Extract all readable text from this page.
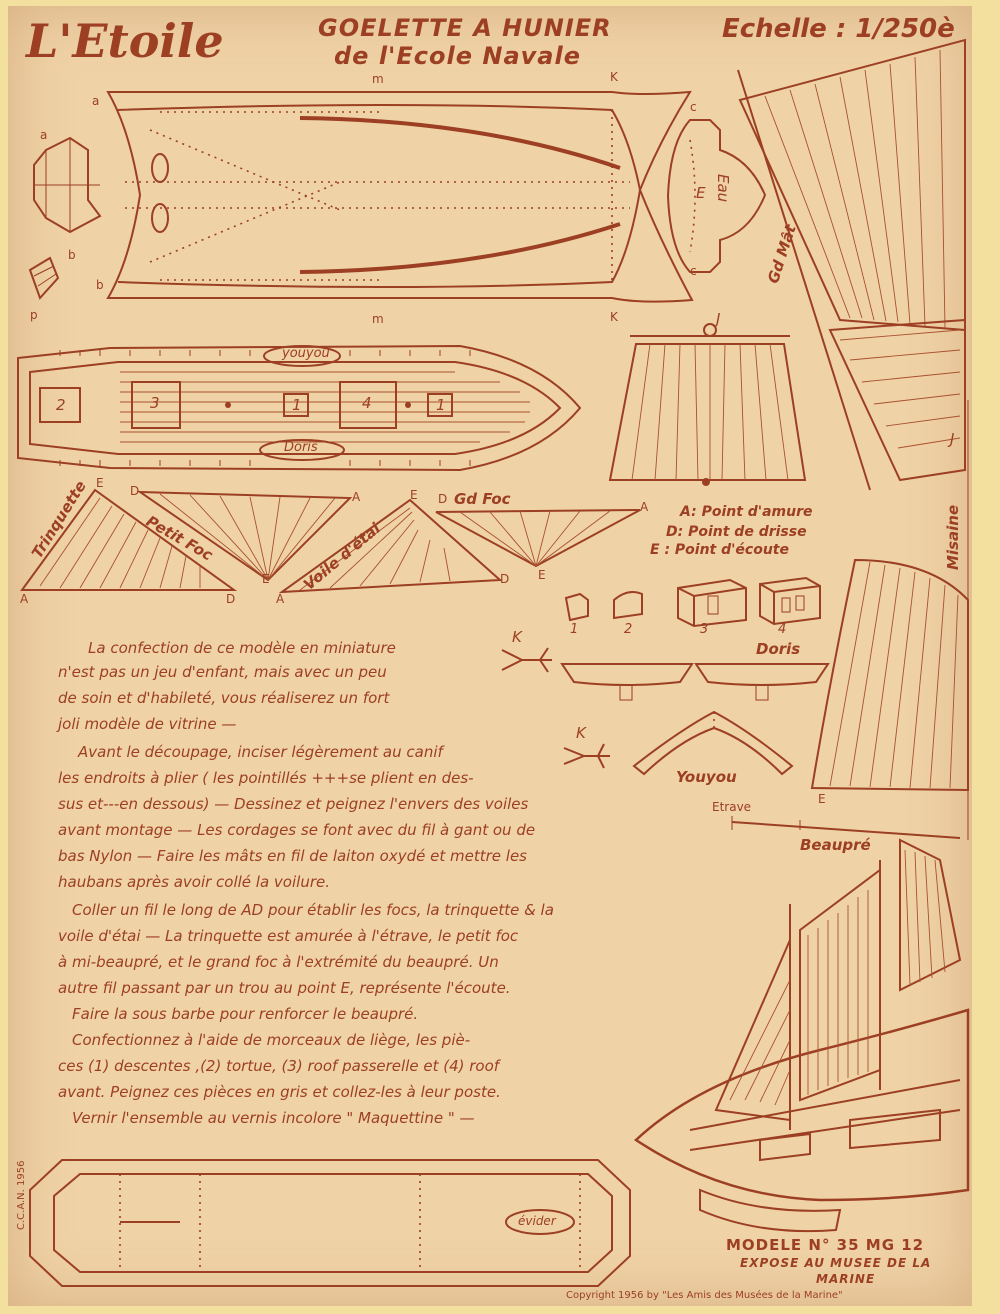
L'Etoile	GOELETTE A HUNIER
de l'Ecole Navale
Echelle : 1/250è
m	K
a	c
a
b
b
c
m	K
p
Eau
E
Gd Mât
J
J
youyou
Doris
2	3	1	4	1
Trinquette	Petit Foc	Voile d'étai
Gd Foc
Misaine
E
D	A	E
A	D
E
A
D
D
A
E
E
A: Point d'amure
D: Point de drisse
E : Point d'écoute
1	2	3	4
Doris
Youyou
K
K
Etrave
Beaupré

La confection de ce modèle en miniature

n'est pas un jeu d'enfant, mais avec un peu

de soin et d'habileté, vous réaliserez un fort

joli modèle de vitrine —

Avant le découpage, inciser légèrement au canif

les endroits à plier ( les pointillés +++se plient en des-

sus et---en dessous) — Dessinez et peignez l'envers des voiles

avant montage — Les cordages se font avec du fil à gant ou de

bas Nylon — Faire les mâts en fil de laiton oxydé et mettre les

haubans après avoir collé la voilure.

Coller un fil le long de AD pour établir les focs, la trinquette & la

voile d'étai — La trinquette est amurée à l'étrave, le petit foc

à mi-beaupré, et le grand foc à l'extrémité du beaupré. Un

autre fil passant par un trou au point E, représente l'écoute.

Faire la sous barbe pour renforcer le beaupré.

Confectionnez à l'aide de morceaux de liège, les piè-

ces (1) descentes ,(2) tortue, (3) roof passerelle et (4) roof

avant. Peignez ces pièces en gris et collez-les à leur poste.

Vernir l'ensemble au vernis incolore " Maquettine " —

évider
C.C.A.N. 1956
MODELE N° 35 MG 12
EXPOSE AU MUSEE DE LA
MARINE
Copyright 1956 by "Les Amis des Musées de la Marine"
